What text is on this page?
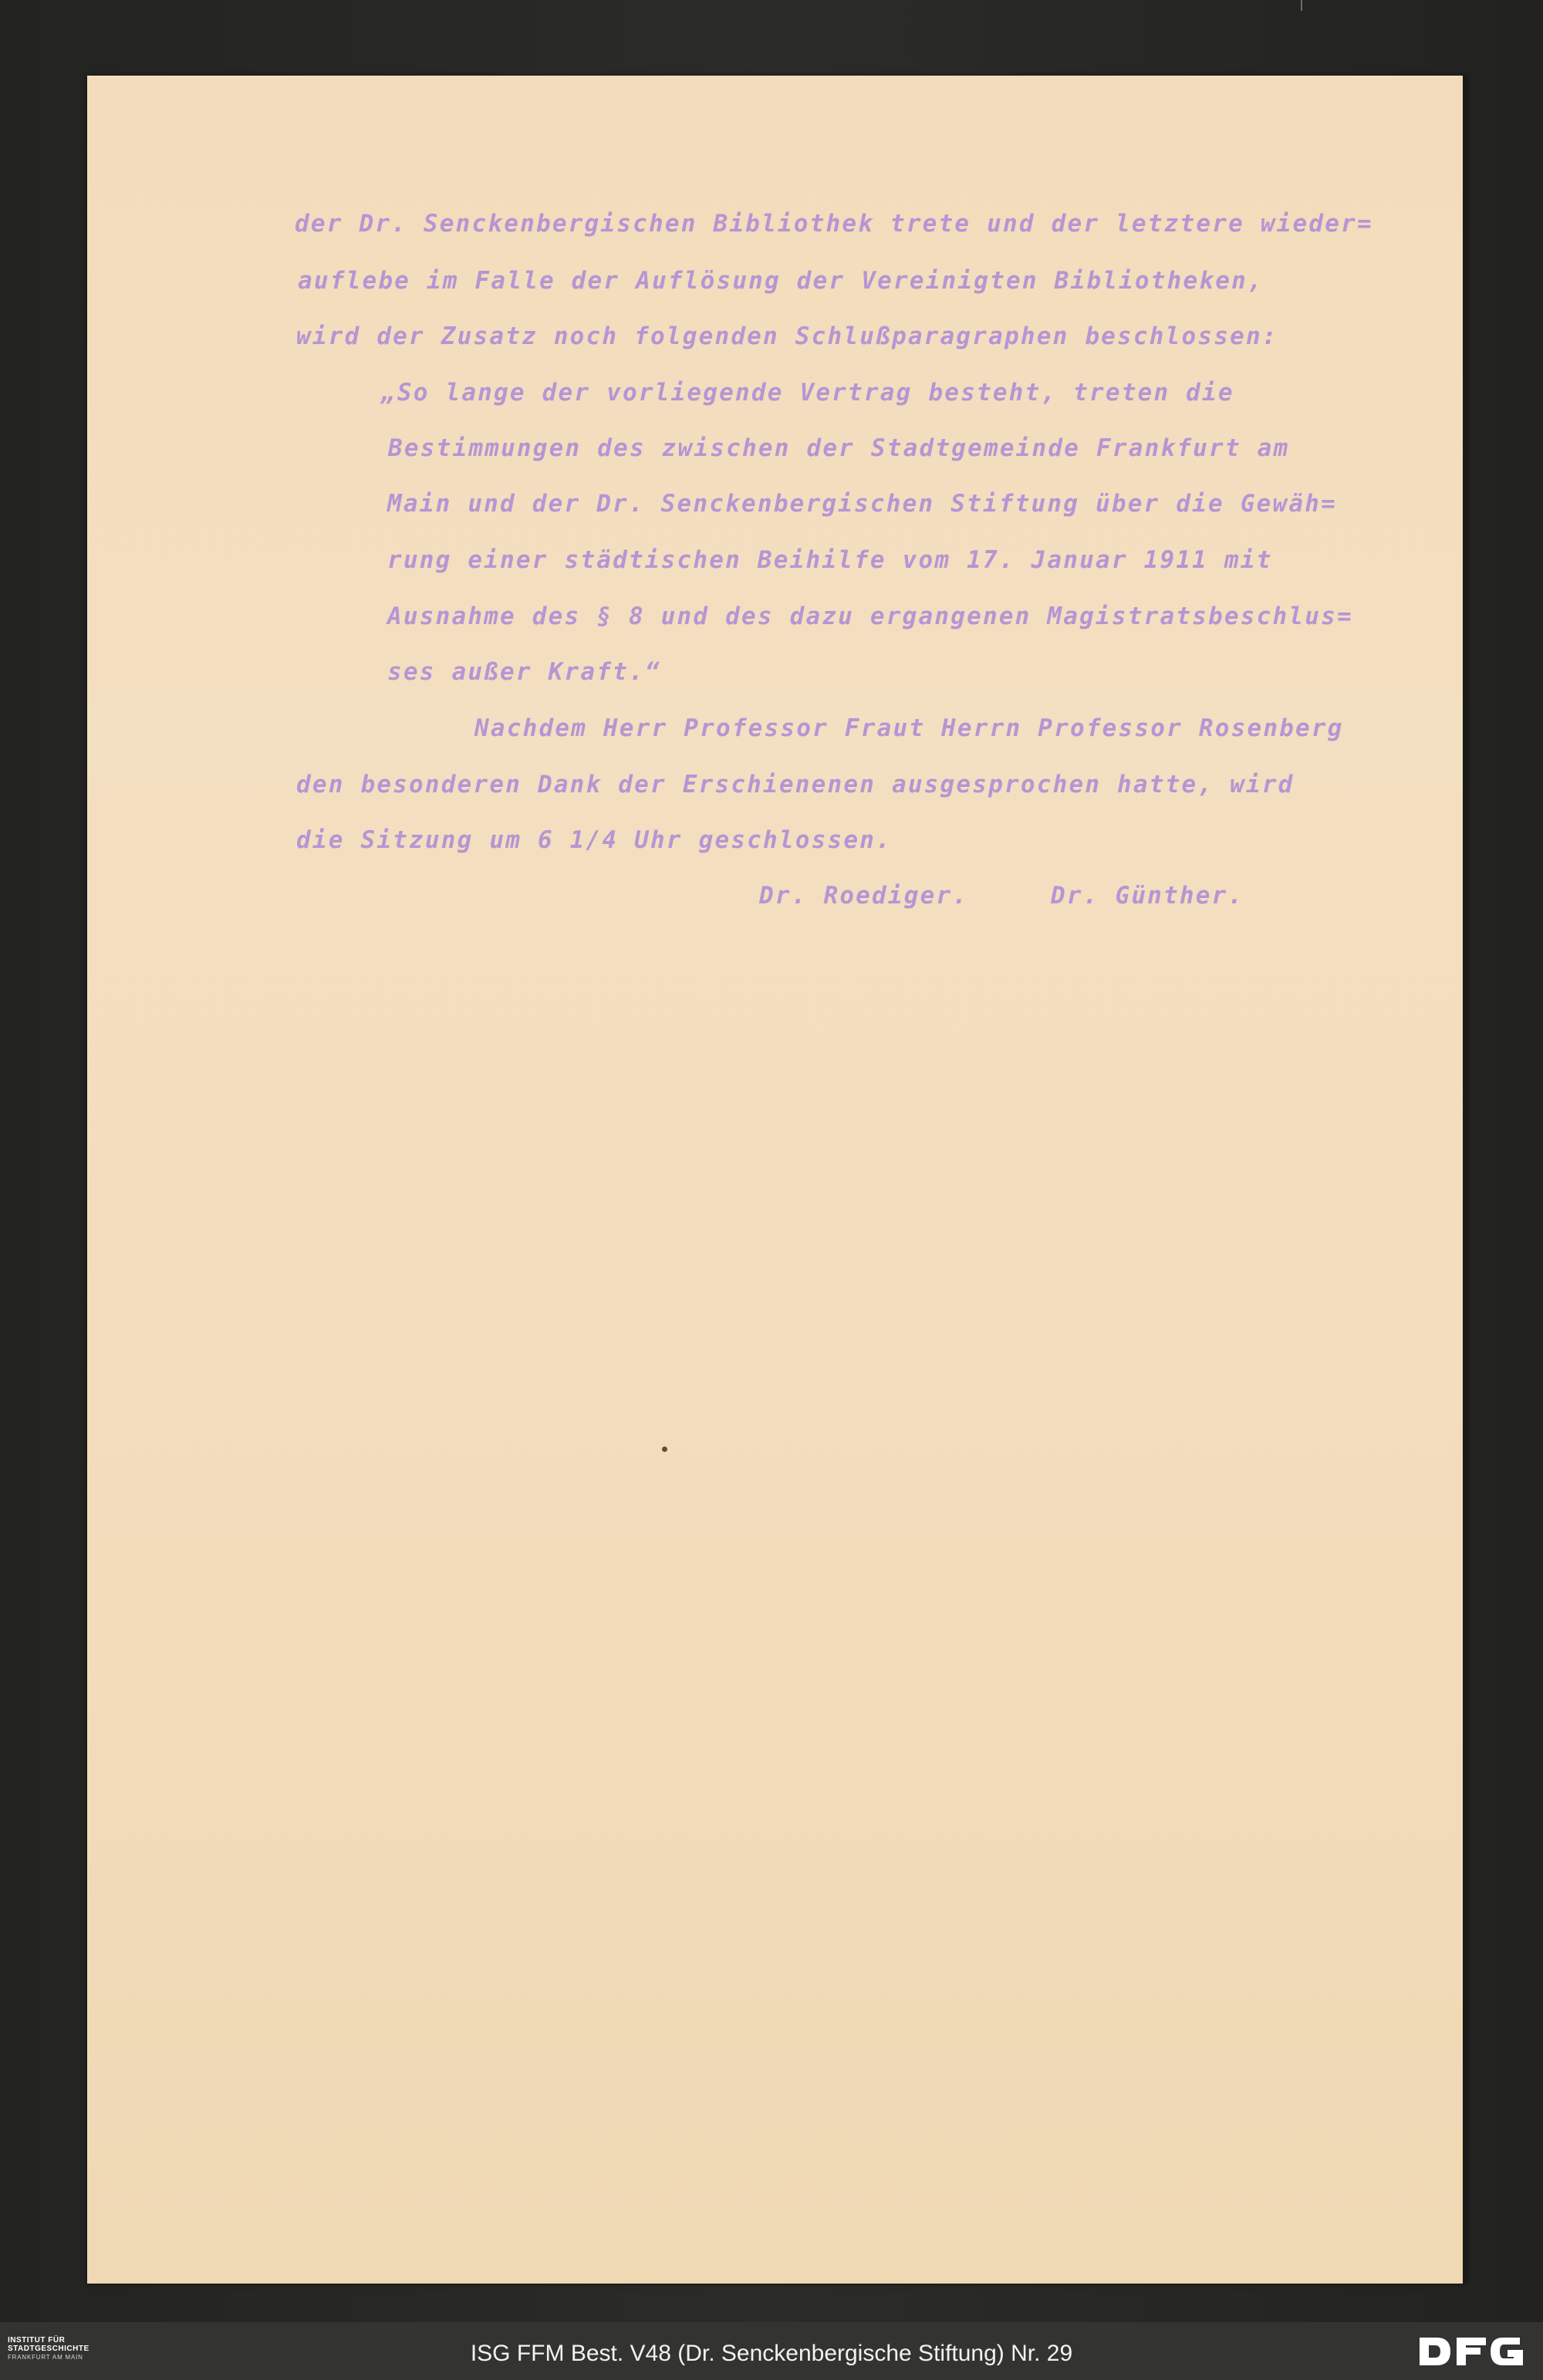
der Dr. Senckenbergischen Bibliothek trete und der letztere wieder=
auflebe im Falle der Auflösung der Vereinigten Bibliotheken,
wird der Zusatz noch folgenden Schlußparagraphen beschlossen:
„So lange der vorliegende Vertrag besteht, treten die
Bestimmungen des zwischen der Stadtgemeinde Frankfurt am
Main und der Dr. Senckenbergischen Stiftung über die Gewäh=
rung einer städtischen Beihilfe vom 17. Januar 1911 mit
Ausnahme des § 8 und des dazu ergangenen Magistratsbeschlus=
ses außer Kraft.“
Nachdem Herr Professor Fraut Herrn Professor Rosenberg
den besonderen Dank der Erschienenen ausgesprochen hatte, wird
die Sitzung um 6 1/4 Uhr geschlossen.
Dr. Roediger.	Dr. Günther.
INSTITUT FÜR
STADTGESCHICHTE
FRANKFURT AM MAIN	ISG FFM Best. V48 (Dr. Senckenbergische Stiftung) Nr. 29
